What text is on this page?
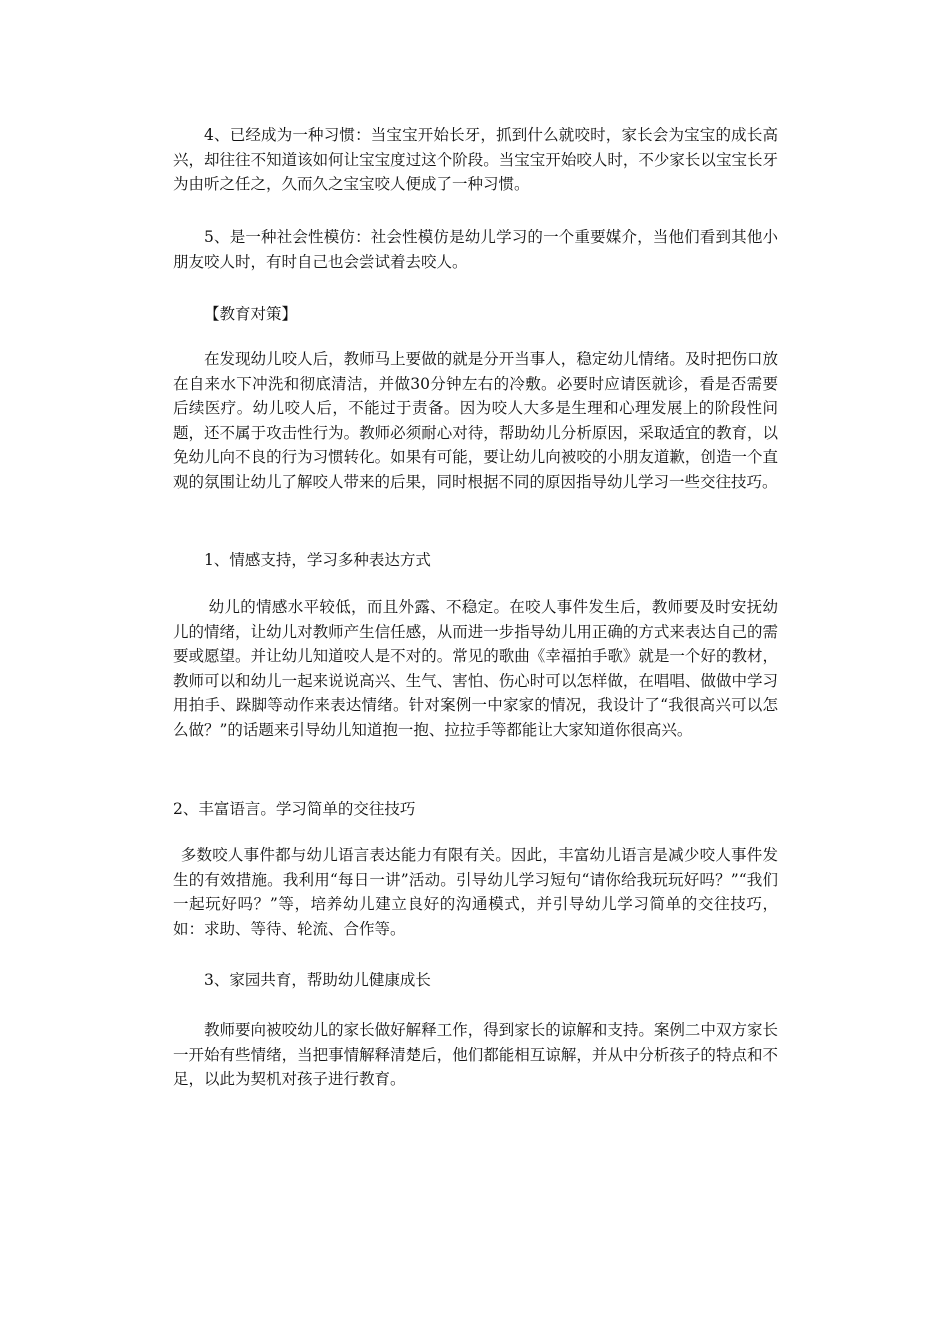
4、已经成为一种习惯：当宝宝开始长牙，抓到什么就咬时，家长会为宝宝的成长高兴，却往往不知道该如何让宝宝度过这个阶段。当宝宝开始咬人时，不少家长以宝宝长牙为由听之任之，久而久之宝宝咬人便成了一种习惯。

5、是一种社会性模仿：社会性模仿是幼儿学习的一个重要媒介，当他们看到其他小朋友咬人时，有时自己也会尝试着去咬人。

【教育对策】

在发现幼儿咬人后，教师马上要做的就是分开当事人，稳定幼儿情绪。及时把伤口放在自来水下冲洗和彻底清洁，并做30分钟左右的冷敷。必要时应请医就诊，看是否需要后续医疗。幼儿咬人后，不能过于责备。因为咬人大多是生理和心理发展上的阶段性问题，还不属于攻击性行为。教师必须耐心对待，帮助幼儿分析原因，采取适宜的教育，以免幼儿向不良的行为习惯转化。如果有可能，要让幼儿向被咬的小朋友道歉，创造一个直观的氛围让幼儿了解咬人带来的后果，同时根据不同的原因指导幼儿学习一些交往技巧。

1、情感支持，学习多种表达方式

幼儿的情感水平较低，而且外露、不稳定。在咬人事件发生后，教师要及时安抚幼儿的情绪，让幼儿对教师产生信任感，从而进一步指导幼儿用正确的方式来表达自己的需要或愿望。并让幼儿知道咬人是不对的。常见的歌曲《幸福拍手歌》就是一个好的教材，教师可以和幼儿一起来说说高兴、生气、害怕、伤心时可以怎样做，在唱唱、做做中学习用拍手、跺脚等动作来表达情绪。针对案例一中家家的情况，我设计了“我很高兴可以怎么做？”的话题来引导幼儿知道抱一抱、拉拉手等都能让大家知道你很高兴。

2、丰富语言。学习简单的交往技巧

多数咬人事件都与幼儿语言表达能力有限有关。因此，丰富幼儿语言是减少咬人事件发生的有效措施。我利用“每日一讲”活动。引导幼儿学习短句“请你给我玩玩好吗？”“我们一起玩好吗？”等，培养幼儿建立良好的沟通模式，并引导幼儿学习简单的交往技巧，如：求助、等待、轮流、合作等。

3、家园共育，帮助幼儿健康成长

教师要向被咬幼儿的家长做好解释工作，得到家长的谅解和支持。案例二中双方家长一开始有些情绪，当把事情解释清楚后，他们都能相互谅解，并从中分析孩子的特点和不足，以此为契机对孩子进行教育。
